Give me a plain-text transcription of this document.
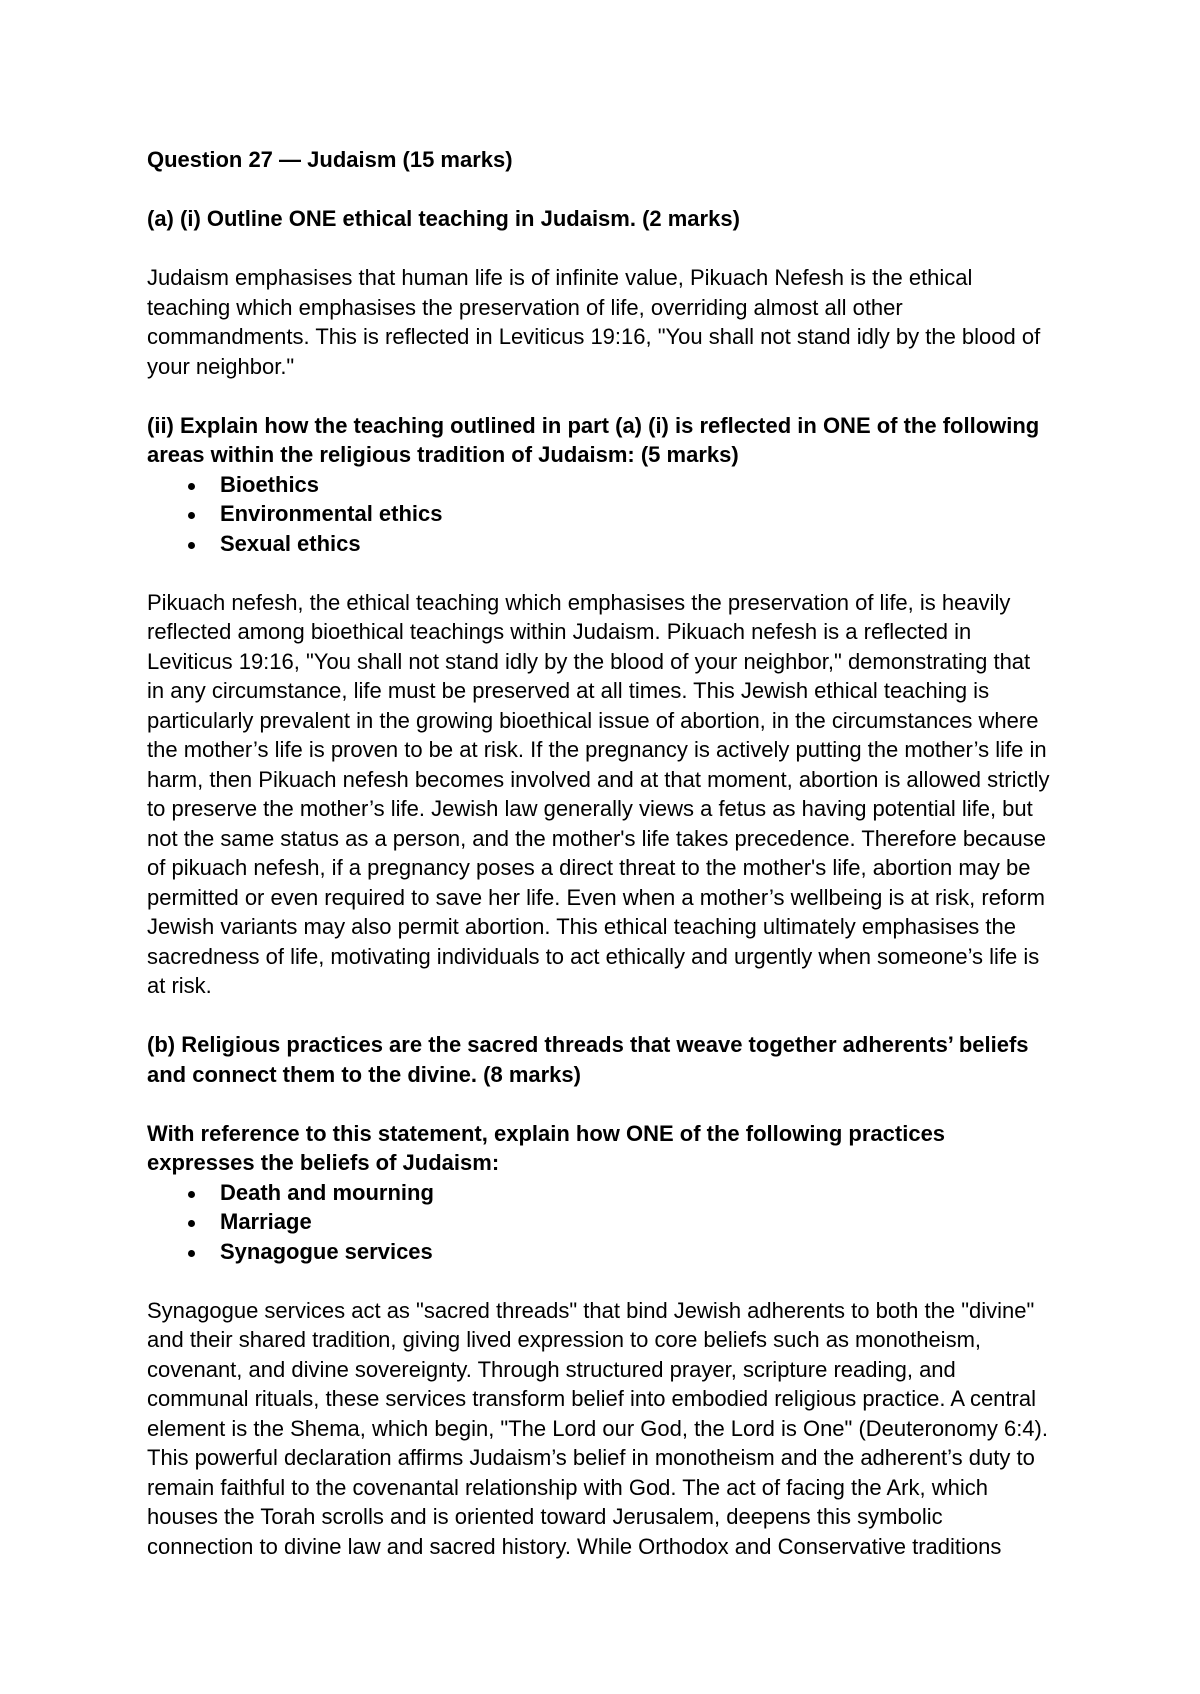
Question 27 — Judaism (15 marks)
(a) (i) Outline ONE ethical teaching in Judaism. (2 marks)
Judaism emphasises that human life is of infinite value, Pikuach Nefesh is the ethical
teaching which emphasises the preservation of life, overriding almost all other
commandments. This is reflected in Leviticus 19:16, "You shall not stand idly by the blood of
your neighbor."
(ii) Explain how the teaching outlined in part (a) (i) is reflected in ONE of the following
areas within the religious tradition of Judaism: (5 marks)
Bioethics
Environmental ethics
Sexual ethics
Pikuach nefesh, the ethical teaching which emphasises the preservation of life, is heavily
reflected among bioethical teachings within Judaism. Pikuach nefesh is a reflected in
Leviticus 19:16, "You shall not stand idly by the blood of your neighbor," demonstrating that
in any circumstance, life must be preserved at all times. This Jewish ethical teaching is
particularly prevalent in the growing bioethical issue of abortion, in the circumstances where
the mother’s life is proven to be at risk. If the pregnancy is actively putting the mother’s life in
harm, then Pikuach nefesh becomes involved and at that moment, abortion is allowed strictly
to preserve the mother’s life. Jewish law generally views a fetus as having potential life, but
not the same status as a person, and the mother's life takes precedence. Therefore because
of pikuach nefesh, if a pregnancy poses a direct threat to the mother's life, abortion may be
permitted or even required to save her life. Even when a mother’s wellbeing is at risk, reform
Jewish variants may also permit abortion. This ethical teaching ultimately emphasises the
sacredness of life, motivating individuals to act ethically and urgently when someone’s life is
at risk.
(b) Religious practices are the sacred threads that weave together adherents’ beliefs
and connect them to the divine. (8 marks)
With reference to this statement, explain how ONE of the following practices
expresses the beliefs of Judaism:
Death and mourning
Marriage
Synagogue services
Synagogue services act as "sacred threads" that bind Jewish adherents to both the "divine"
and their shared tradition, giving lived expression to core beliefs such as monotheism,
covenant, and divine sovereignty. Through structured prayer, scripture reading, and
communal rituals, these services transform belief into embodied religious practice. A central
element is the Shema, which begin, "The Lord our God, the Lord is One" (Deuteronomy 6:4).
This powerful declaration affirms Judaism’s belief in monotheism and the adherent’s duty to
remain faithful to the covenantal relationship with God. The act of facing the Ark, which
houses the Torah scrolls and is oriented toward Jerusalem, deepens this symbolic
connection to divine law and sacred history. While Orthodox and Conservative traditions
